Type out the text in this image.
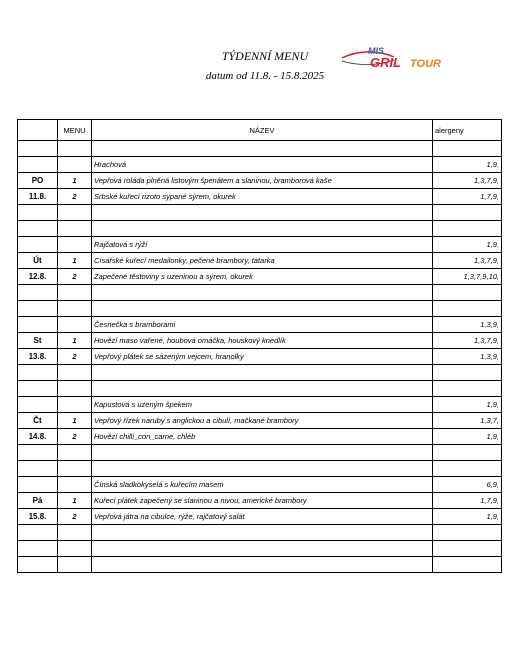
TÝDENNÍ MENU
datum od 11.8. - 15.8.2025
MIS
GRIL TOUR
	MENU	NÁZEV	alergeny

		Hrachová	1,9.
PO	1	Vepřová roláda plněná listovým špenátem a slaninou, bramborová kaše	1,3,7,9,
11.8.	2	Srbské kuřecí rizoto sypané sýrem, okurek	1,7,9,

		Rajčatová s rýží	1,9.
Út	1	Císařské kuřecí medailonky, pečené brambory, tatarka	1,3,7,9,
12.8.	2	Zapečené těstoviny s uzeninou a sýrem, okurek	1,3,7,9,10,

		Česnečka s bramborami	1,3,9,
St	1	Hovězí maso vařené, houbová omáčka, houskový knedlík	1,3,7,9,
13.8.	2	Vepřový plátek se sázeným vejcem, hranolky	1,3,9,

		Kapustová s uzeným špekem	1,9,
Čt	1	Vepřový řízek naruby s anglickou a cibulí, mačkané brambory	1,3,7,
14.8.	2	Hovězí chilli_con_carne, chléb	1,9,

		Čínská sladkokyselá s kuřecím masem	6,9,
Pá	1	Kuřecí plátek zapečený se slaninou a nivou, americké brambory	1,7,9,
15.8.	2	Vepřová játra na cibulce, rýže, rajčatový salát	1,9,
